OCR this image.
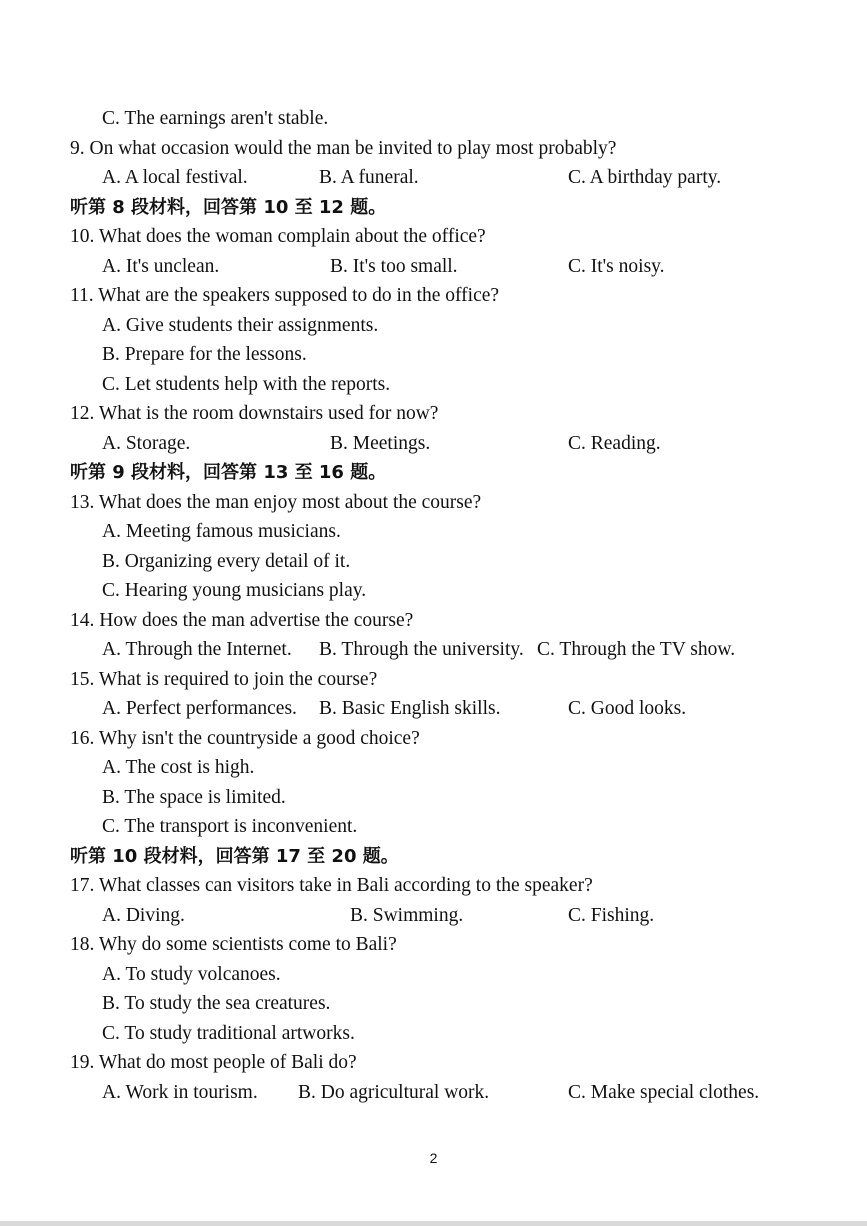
2
C. The earnings aren't stable.
9. On what occasion would the man be invited to play most probably?
A. A local festival.	B. A funeral.	C. A birthday party.
听第 8 段材料，回答第 10 至 12 题。
10. What does the woman complain about the office?
A. It's unclean.	B. It's too small.	C. It's noisy.
11. What are the speakers supposed to do in the office?
A. Give students their assignments.
B. Prepare for the lessons.
C. Let students help with the reports.
12. What is the room downstairs used for now?
A. Storage.	B. Meetings.	C. Reading.
听第 9 段材料，回答第 13 至 16 题。
13. What does the man enjoy most about the course?
A. Meeting famous musicians.
B. Organizing every detail of it.
C. Hearing young musicians play.
14. How does the man advertise the course?
A. Through the Internet. B. Through the university. C. Through the TV show.
15. What is required to join the course?
A. Perfect performances. B. Basic English skills.	C. Good looks.
16. Why isn't the countryside a good choice?
A. The cost is high.
B. The space is limited.
C. The transport is inconvenient.
听第 10 段材料，回答第 17 至 20 题。
17. What classes can visitors take in Bali according to the speaker?
A. Diving.	B. Swimming.	C. Fishing.
18. Why do some scientists come to Bali?
A. To study volcanoes.
B. To study the sea creatures.
C. To study traditional artworks.
19. What do most people of Bali do?
A. Work in tourism. B. Do agricultural work.	C. Make special clothes.
